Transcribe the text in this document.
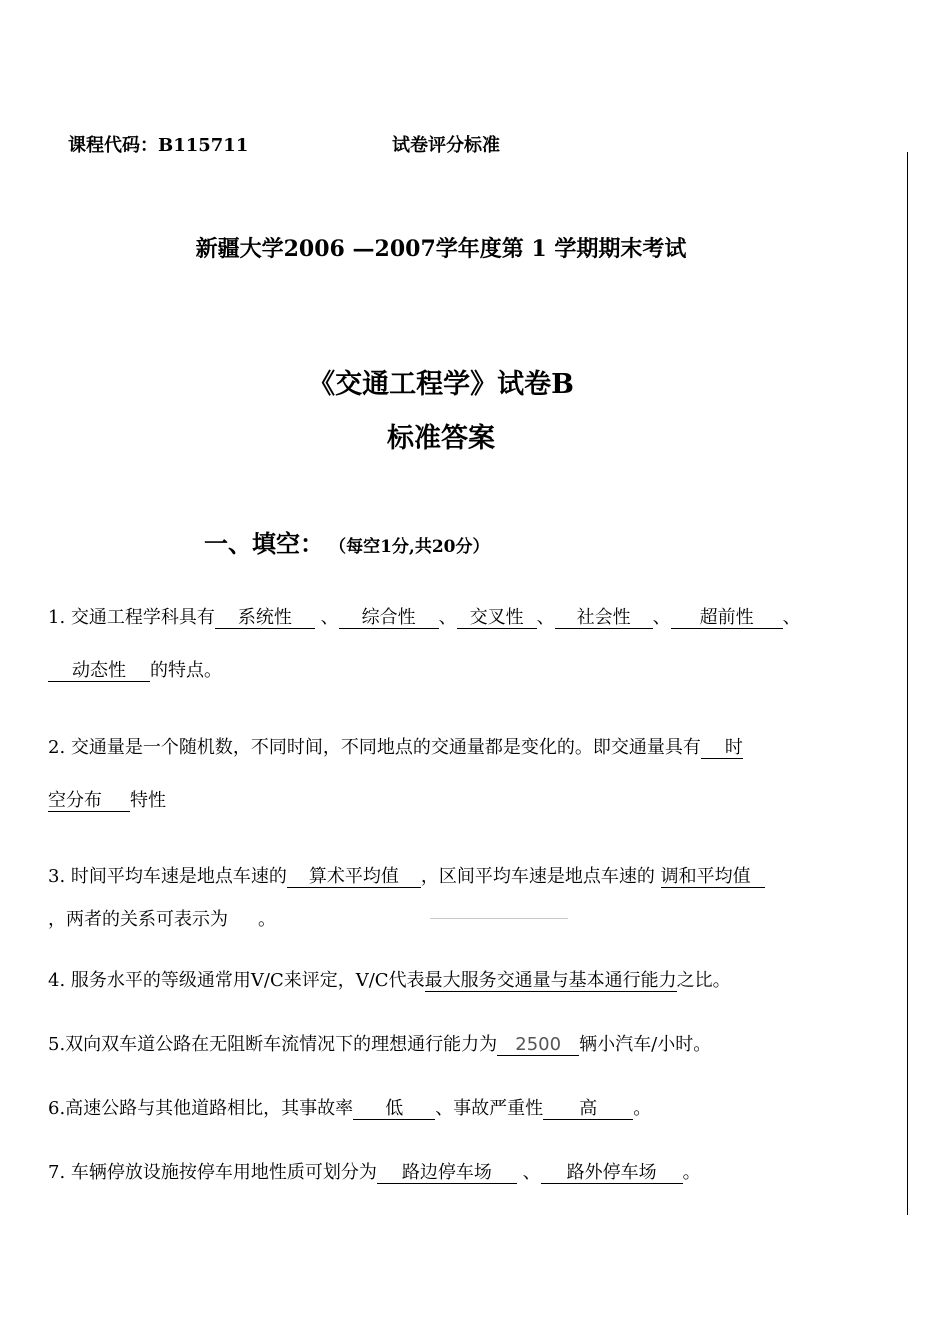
课程代码：B115711	试卷评分标准
新疆大学2006 —2007学年度第 1 学期期末考试
《交通工程学》试卷B
标准答案
一、填空： （每空1分,共20分）
1. 交通工程学科具有 系统性 、 综合性 、 交叉性 、 社会性 、 超前性 、
动态性 的特点。
2. 交通量是一个随机数，不同时间，不同地点的交通量都是变化的。即交通量具有 时
空分布 特性
3. 时间平均车速是地点车速的 算术平均值 ，区间平均车速是地点车速的 调和平均值
，两者的关系可表示为 。
4. 服务水平的等级通常用V/C来评定，V/C代表最大服务交通量与基本通行能力之比。
5.双向双车道公路在无阻断车流情况下的理想通行能力为 2500 辆小汽车/小时。
6.高速公路与其他道路相比，其事故率 低 、事故严重性 高 。
7. 车辆停放设施按停车用地性质可划分为 路边停车场 、 路外停车场 。
